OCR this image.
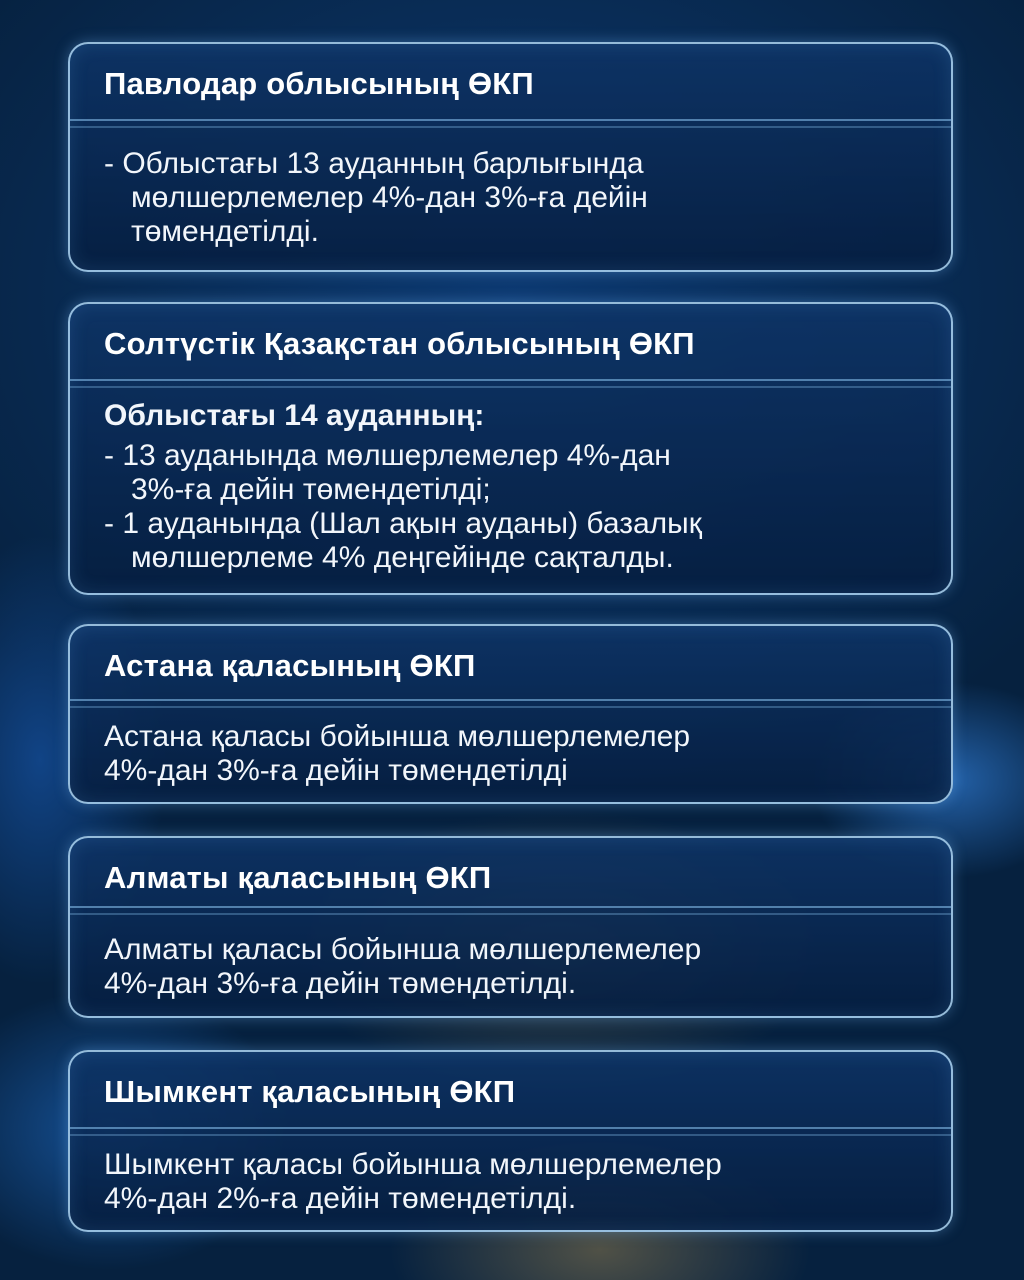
Павлодар облысының ӨКП
- Облыстағы 13 ауданның барлығында
мөлшерлемелер 4%-дан 3%-ға дейін
төмендетілді.
Солтүстік Қазақстан облысының ӨКП
Облыстағы 14 ауданның:
- 13 ауданында мөлшерлемелер 4%-дан
3%-ға дейін төмендетілді;
- 1 ауданында (Шал ақын ауданы) базалық
мөлшерлеме 4% деңгейінде сақталды.
Астана қаласының ӨКП
Астана қаласы бойынша мөлшерлемелер
4%-дан 3%-ға дейін төмендетілді
Алматы қаласының ӨКП
Алматы қаласы бойынша мөлшерлемелер
4%-дан 3%-ға дейін төмендетілді.
Шымкент қаласының ӨКП
Шымкент қаласы бойынша мөлшерлемелер
4%-дан 2%-ға дейін төмендетілді.
